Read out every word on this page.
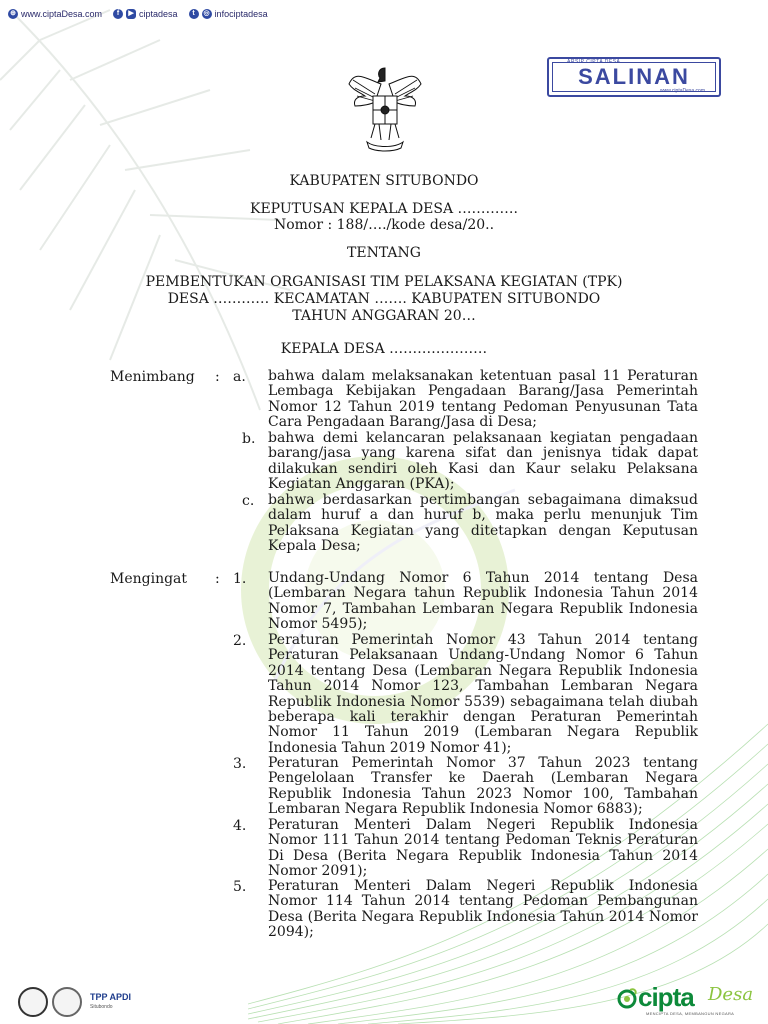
⊕ www.ciptaDesa.com	f	▶ ciptadesa	t	◎ infociptadesa
ARSIP CIPTA DESA
SALINAN
www.ciptaDesa.com
KABUPATEN SITUBONDO
KEPUTUSAN KEPALA DESA ………….
Nomor : 188/…./kode desa/20..
TENTANG
PEMBENTUKAN ORGANISASI TIM PELAKSANA KEGIATAN (TPK)
DESA ………… KECAMATAN ……. KABUPATEN SITUBONDO
TAHUN ANGGARAN 20…
KEPALA DESA …………………
Menimbang : a. bahwa dalam melaksanakan ketentuan pasal 11 Peraturan Lembaga Kebijakan Pengadaan Barang/Jasa Pemerintah Nomor 12 Tahun 2019 tentang Pedoman Penyusunan Tata Cara Pengadaan Barang/Jasa di Desa;
b. bahwa demi kelancaran pelaksanaan kegiatan pengadaan barang/jasa yang karena sifat dan jenisnya tidak dapat dilakukan sendiri oleh Kasi dan Kaur selaku Pelaksana Kegiatan Anggaran (PKA);
c. bahwa berdasarkan pertimbangan sebagaimana dimaksud dalam huruf a dan huruf b, maka perlu menunjuk Tim Pelaksana Kegiatan yang ditetapkan dengan Keputusan Kepala Desa;
Mengingat : 1. Undang-Undang Nomor 6 Tahun 2014 tentang Desa (Lembaran Negara tahun Republik Indonesia Tahun 2014 Nomor 7, Tambahan Lembaran Negara Republik Indonesia Nomor 5495);
2. Peraturan Pemerintah Nomor 43 Tahun 2014 tentang Peraturan Pelaksanaan Undang-Undang Nomor 6 Tahun 2014 tentang Desa (Lembaran Negara Republik Indonesia Tahun 2014 Nomor 123, Tambahan Lembaran Negara Republik Indonesia Nomor 5539) sebagaimana telah diubah beberapa kali terakhir dengan Peraturan Pemerintah Nomor 11 Tahun 2019 (Lembaran Negara Republik Indonesia Tahun 2019 Nomor 41);
3. Peraturan Pemerintah Nomor 37 Tahun 2023 tentang Pengelolaan Transfer ke Daerah (Lembaran Negara Republik Indonesia Tahun 2023 Nomor 100, Tambahan Lembaran Negara Republik Indonesia Nomor 6883);
4. Peraturan Menteri Dalam Negeri Republik Indonesia Nomor 111 Tahun 2014 tentang Pedoman Teknis Peraturan Di Desa (Berita Negara Republik Indonesia Tahun 2014 Nomor 2091);
5. Peraturan Menteri Dalam Negeri Republik Indonesia Nomor 114 Tahun 2014 tentang Pedoman Pembangunan Desa (Berita Negara Republik Indonesia Tahun 2014 Nomor 2094);
TPP APDI
Situbondo	cipta Desa
MENCIPTA DESA, MEMBANGUN NEGARA
